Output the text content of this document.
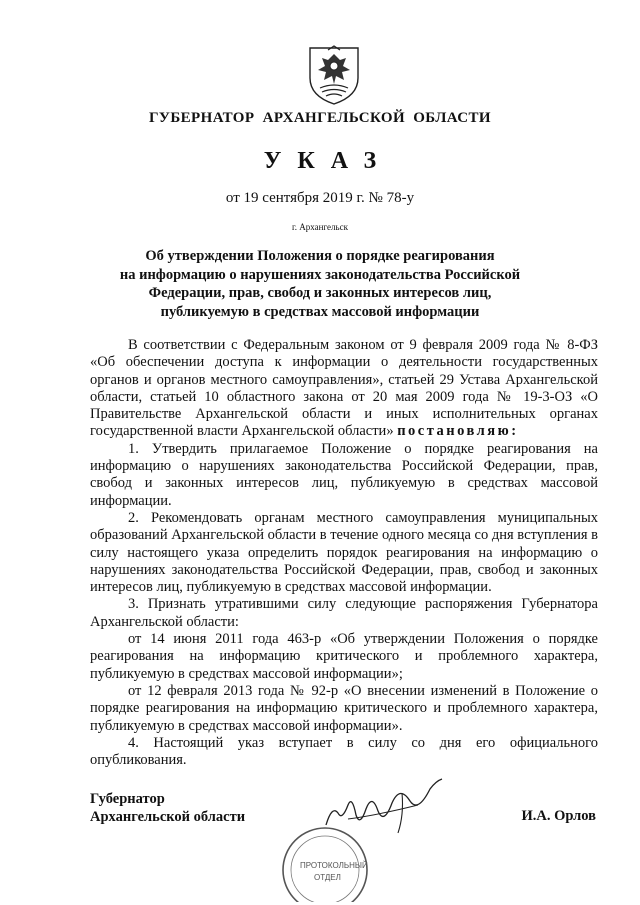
ГУБЕРНАТОР АРХАНГЕЛЬСКОЙ ОБЛАСТИ
УКАЗ
от 19 сентября 2019 г. № 78-у
г. Архангельск
Об утверждении Положения о порядке реагирования
на информацию о нарушениях законодательства Российской
Федерации, прав, свобод и законных интересов лиц,
публикуемую в средствах массовой информации

В соответствии с Федеральным законом от 9 февраля 2009 года № 8-ФЗ «Об обеспечении доступа к информации о деятельности государственных органов и органов местного самоуправления», статьей 29 Устава Архангельской области, статьей 10 областного закона от 20 мая 2009 года № 19-3-ОЗ «О Правительстве Архангельской области и иных исполнительных органах государственной власти Архангельской области» постановляю:

1. Утвердить прилагаемое Положение о порядке реагирования на информацию о нарушениях законодательства Российской Федерации, прав, свобод и законных интересов лиц, публикуемую в средствах массовой информации.

2. Рекомендовать органам местного самоуправления муниципальных образований Архангельской области в течение одного месяца со дня вступления в силу настоящего указа определить порядок реагирования на информацию о нарушениях законодательства Российской Федерации, прав, свобод и законных интересов лиц, публикуемую в средствах массовой информации.

3. Признать утратившими силу следующие распоряжения Губернатора Архангельской области:

от 14 июня 2011 года 463-р «Об утверждении Положения о порядке реагирования на информацию критического и проблемного характера, публикуемую в средствах массовой информации»;

от 12 февраля 2013 года № 92-р «О внесении изменений в Положение о порядке реагирования на информацию критического и проблемного характера, публикуемую в средствах массовой информации».

4. Настоящий указ вступает в силу со дня его официального опубликования.

Губернатор
Архангельской области	И.А. Орлов
ПРОТОКОЛЬНЫЙ
ОТДЕЛ
